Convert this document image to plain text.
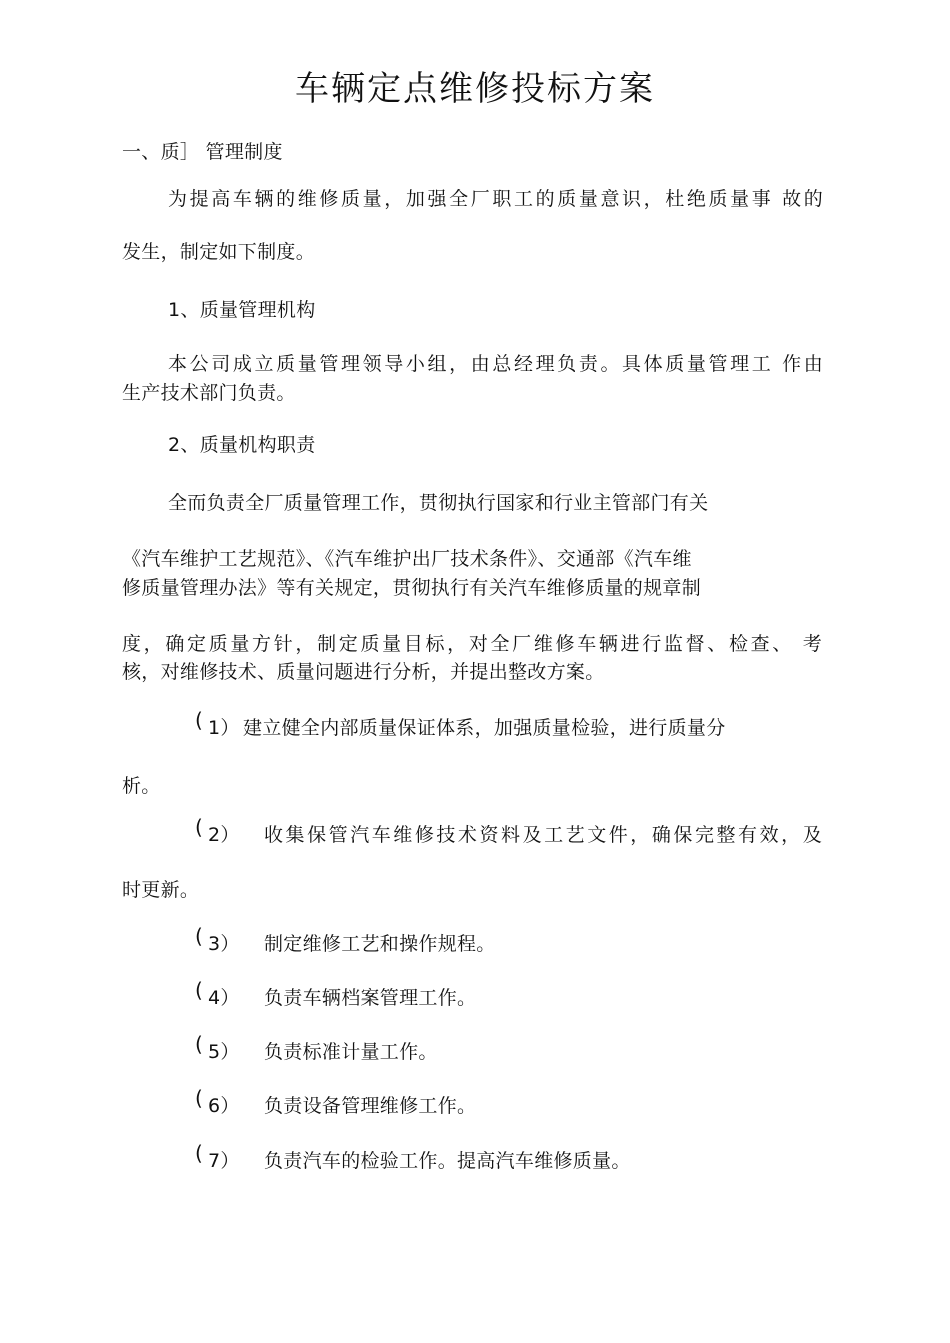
车辆定点维修投标方案
一、质］ 管理制度
为提高车辆的维修质量，加强全厂职工的质量意识，杜绝质量事 故的
发生，制定如下制度。
1、质量管理机构
本公司成立质量管理领导小组，由总经理负责。具体质量管理工 作由
生产技术部门负责。
2、质量机构职责
全而负责全厂质量管理工作，贯彻执行国家和行业主管部门有关
《汽车维护工艺规范》、《汽车维护出厂技术条件》、交通部《汽车维
修质量管理办法》等有关规定，贯彻执行有关汽车维修质量的规章制
度，确定质量方针，制定质量目标，对全厂维修车辆进行监督、检查、 考
核，对维修技术、质量问题进行分析，并提出整改方案。
( 1） 建立健全内部质量保证体系，加强质量检验，进行质量分
析。
( 2） 收集保管汽车维修技术资料及工艺文件，确保完整有效，及
时更新。
( 3） 制定维修工艺和操作规程。
( 4） 负责车辆档案管理工作。
( 5） 负责标准计量工作。
( 6） 负责设备管理维修工作。
( 7） 负责汽车的检验工作。提高汽车维修质量。
